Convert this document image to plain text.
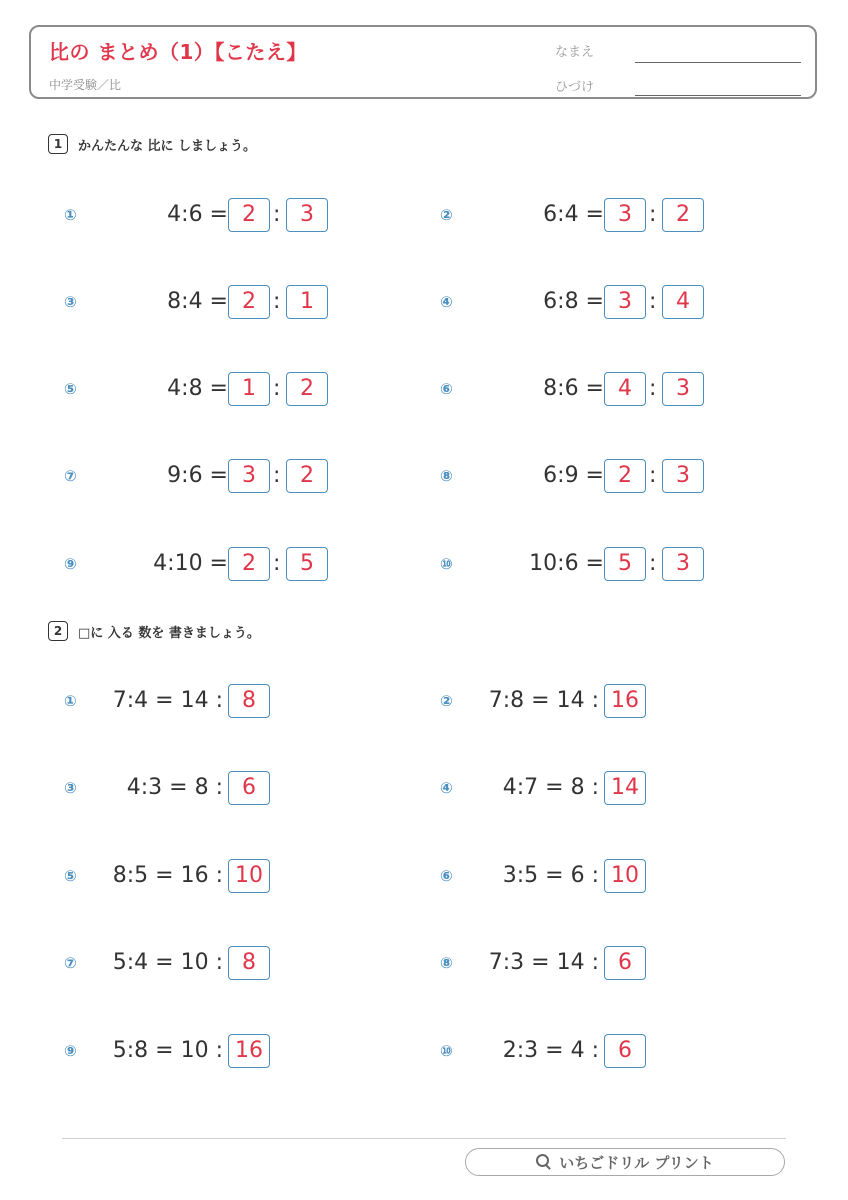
比の まとめ（1）【こたえ】
中学受験／比
なまえ
ひづけ
1	かんたんな 比に しましょう。
①	4:6 = 2 : 3	②	6:4 = 3 : 2
③	8:4 = 2 : 1	④	6:8 = 3 : 4
⑤	4:8 = 1 : 2	⑥	8:6 = 4 : 3
⑦	9:6 = 3 : 2	⑧	6:9 = 2 : 3
⑨	4:10 = 2 : 5	⑩	10:6 = 5 : 3
2	□に 入る 数を 書きましょう。
① 7:4 = 14 : 8	② 7:8 = 14 : 16
③ 4:3 = 8 : 6	④ 4:7 = 8 : 14
⑤ 8:5 = 16 : 10	⑥ 3:5 = 6 : 10
⑦ 5:4 = 10 : 8	⑧ 7:3 = 14 : 6
⑨ 5:8 = 10 : 16	⑩ 2:3 = 4 : 6
いちごドリル プリント
